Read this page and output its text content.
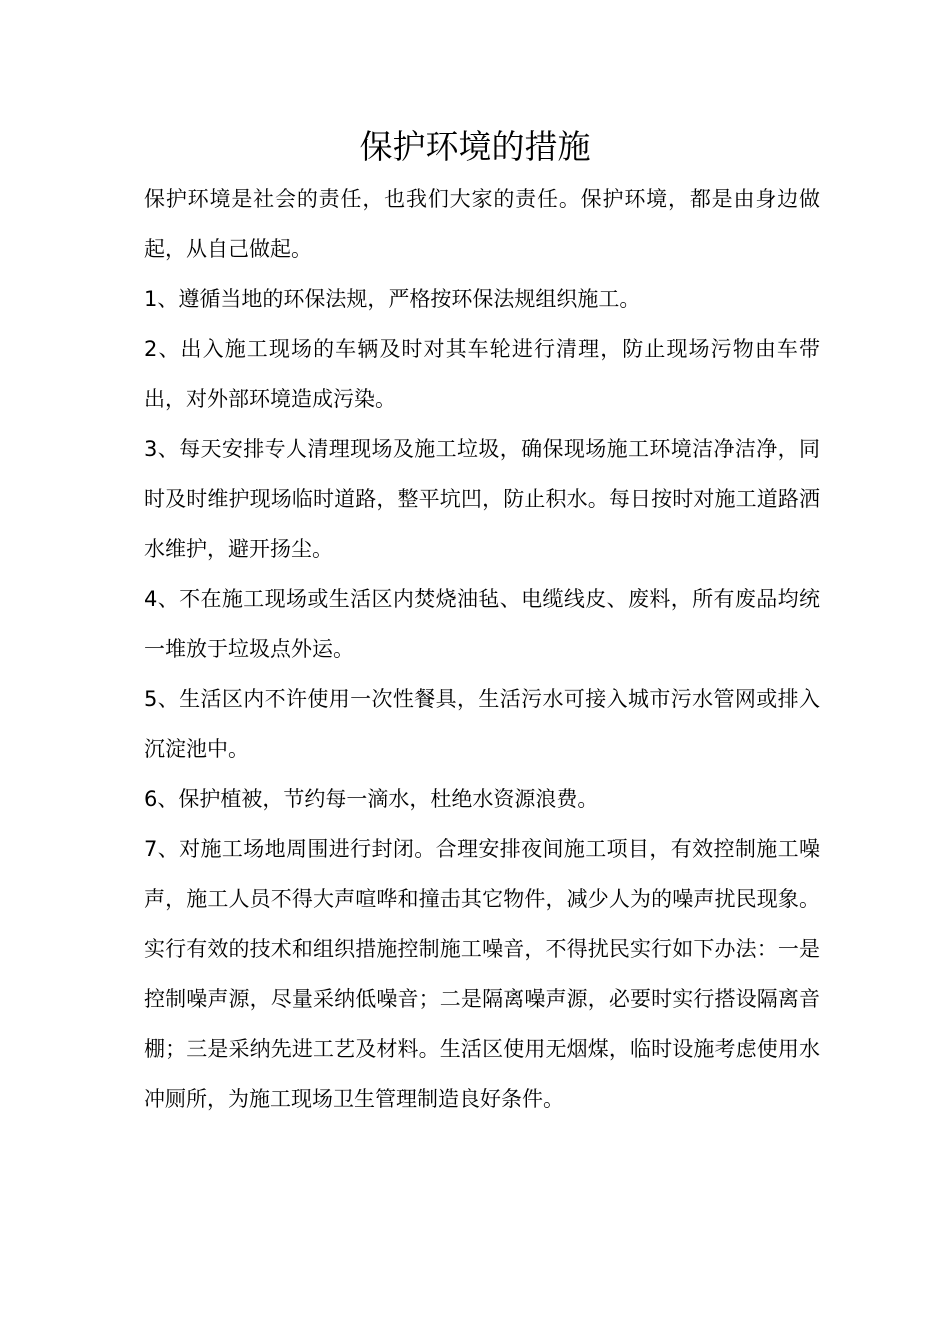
保护环境的措施

保护环境是社会的责任，也我们大家的责任。保护环境，都是由身边做起，从自己做起。

1、遵循当地的环保法规，严格按环保法规组织施工。

2、出入施工现场的车辆及时对其车轮进行清理，防止现场污物由车带出，对外部环境造成污染。

3、每天安排专人清理现场及施工垃圾，确保现场施工环境洁净洁净，同时及时维护现场临时道路，整平坑凹，防止积水。每日按时对施工道路洒水维护，避开扬尘。

4、不在施工现场或生活区内焚烧油毡、电缆线皮、废料，所有废品均统一堆放于垃圾点外运。

5、生活区内不许使用一次性餐具，生活污水可接入城市污水管网或排入沉淀池中。

6、保护植被，节约每一滴水，杜绝水资源浪费。

7、对施工场地周围进行封闭。合理安排夜间施工项目，有效控制施工噪声，施工人员不得大声喧哗和撞击其它物件，减少人为的噪声扰民现象。实行有效的技术和组织措施控制施工噪音，不得扰民实行如下办法：一是控制噪声源，尽量采纳低噪音；二是隔离噪声源，必要时实行搭设隔离音棚；三是采纳先进工艺及材料。生活区使用无烟煤，临时设施考虑使用水冲厕所，为施工现场卫生管理制造良好条件。
